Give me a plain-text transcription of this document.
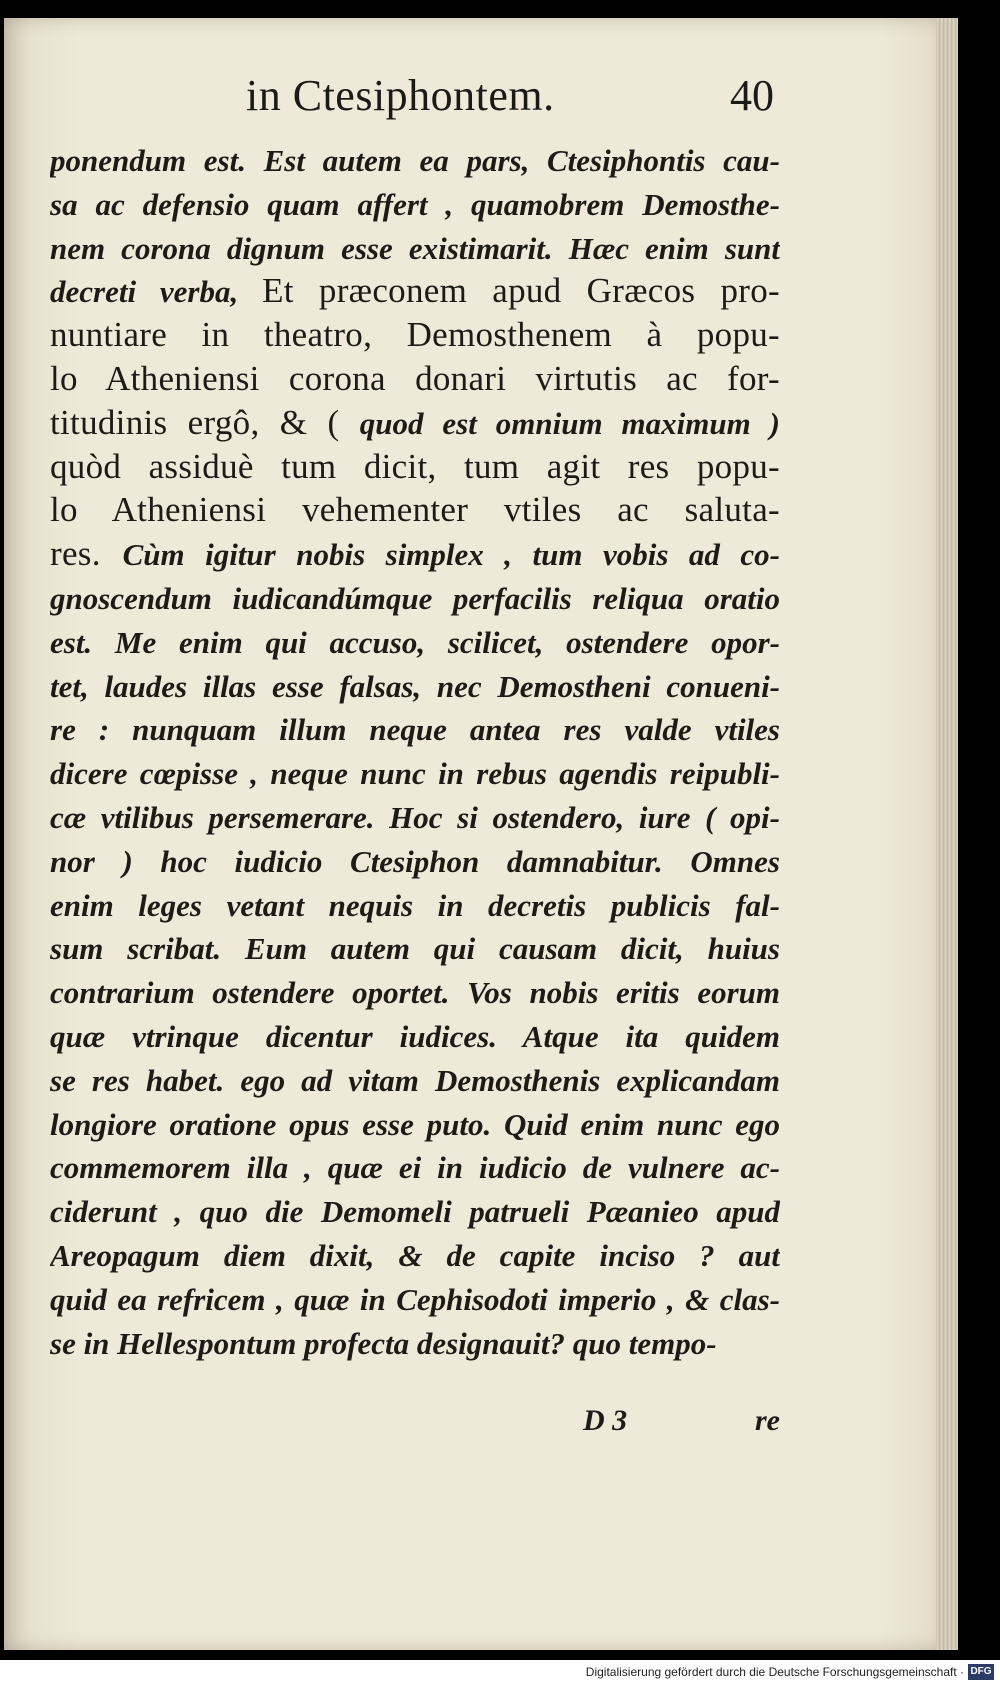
in Ctesiphontem.	40
ponendum est. Est autem ea pars, Ctesiphontis cau-
sa ac defensio quam affert , quamobrem Demosthe-
nem corona dignum esse existimarit. Hæc enim sunt
decreti verba, Et præconem apud Græcos pro-
nuntiare in theatro, Demosthenem à popu-
lo Atheniensi corona donari virtutis ac for-
titudinis ergô, & ( quod est omnium maximum )
quòd assiduè tum dicit, tum agit res popu-
lo Atheniensi vehementer vtiles ac saluta-
res. Cùm igitur nobis simplex , tum vobis ad co-
gnoscendum iudicandúmque perfacilis reliqua oratio
est. Me enim qui accuso, scilicet, ostendere opor-
tet, laudes illas esse falsas, nec Demostheni conueni-
re : nunquam illum neque antea res valde vtiles
dicere cœpisse , neque nunc in rebus agendis reipubli-
cæ vtilibus persemerare. Hoc si ostendero, iure ( opi-
nor ) hoc iudicio Ctesiphon damnabitur. Omnes
enim leges vetant nequis in decretis publicis fal-
sum scribat. Eum autem qui causam dicit, huius
contrarium ostendere oportet. Vos nobis eritis eorum
quæ vtrinque dicentur iudices. Atque ita quidem
se res habet. ego ad vitam Demosthenis explicandam
longiore oratione opus esse puto. Quid enim nunc ego
commemorem illa , quæ ei in iudicio de vulnere ac-
ciderunt , quo die Demomeli patrueli Pæanieo apud
Areopagum diem dixit, & de capite inciso ? aut
quid ea refricem , quæ in Cephisodoti imperio , & clas-
se in Hellespontum profecta designauit? quo tempo-
D 3	re
Digitalisierung gefördert durch die Deutsche Forschungsgemeinschaft · DFG
